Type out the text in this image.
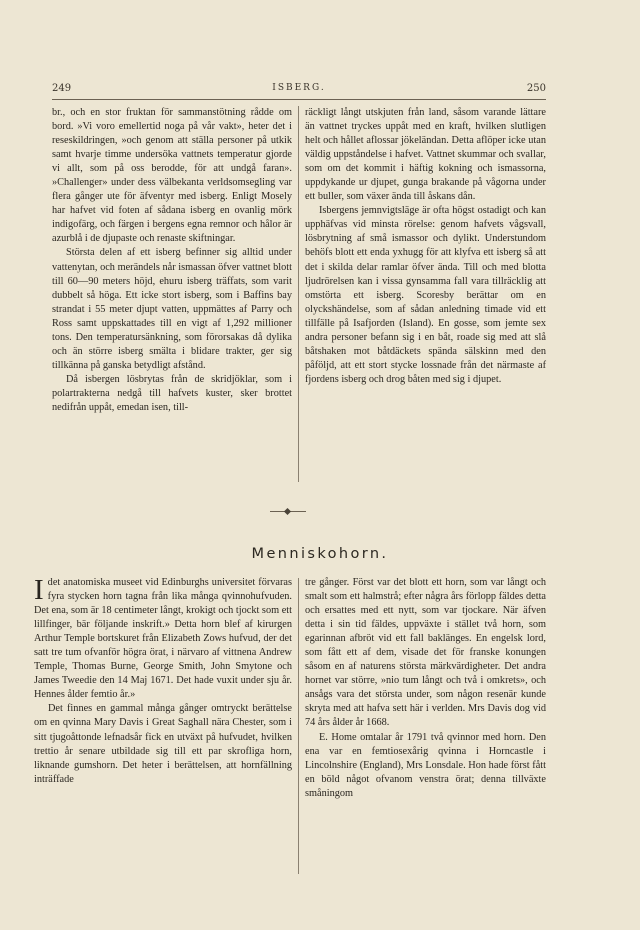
249	ISBERG.	250

br., och en stor fruktan för sammanstötning rådde om bord. »Vi voro emellertid noga på vår vakt», heter det i reseskildringen, »och genom att ställa personer på utkik samt hvarje timme undersöka vattnets temperatur gjorde vi allt, som på oss berodde, för att undgå faran». »Challenger» under dess välbekanta verldsomsegling var flera gånger ute för äfventyr med isberg. Enligt Mosely har hafvet vid foten af sådana isberg en ovanlig mörk indigofärg, och färgen i bergens egna remnor och hålor är azurblå i de djupaste och renaste skiftningar.

Största delen af ett isberg befinner sig alltid under vattenytan, och merändels når ismassan öfver vattnet blott till 60—90 meters höjd, ehuru isberg träffats, som varit dubbelt så höga. Ett icke stort isberg, som i Baffins bay strandat i 55 meter djupt vatten, uppmättes af Parry och Ross samt uppskattades till en vigt af 1,292 millioner tons. Den temperatursänkning, som förorsakas då dylika och än större isberg smälta i blidare trakter, ger sig tillkänna på ganska betydligt afstånd.

Då isbergen lösbrytas från de skridjöklar, som i polartrakterna nedgå till hafvets kuster, sker brottet nedifrån uppåt, emedan isen, till-

räckligt långt utskjuten från land, såsom varande lättare än vattnet tryckes uppåt med en kraft, hvilken slutligen helt och hållet aflossar jökeländan. Detta aflöper icke utan väldig uppståndelse i hafvet. Vattnet skummar och svallar, som om det kommit i häftig kokning och ismassorna, uppdykande ur djupet, gunga brakande på vågorna under ett buller, som växer ända till åskans dån.

Isbergens jemnvigtsläge är ofta högst ostadigt och kan upphäfvas vid minsta rörelse: genom hafvets vågsvall, lösbrytning af små ismassor och dylikt. Understundom behöfs blott ett enda yxhugg för att klyfva ett isberg så att det i skilda delar ramlar öfver ända. Till och med blotta ljudrörelsen kan i vissa gynsamma fall vara tillräcklig att omstörta ett isberg. Scoresby berättar om en olyckshändelse, som af sådan anledning timade vid ett tillfälle på Isafjorden (Island). En gosse, som jemte sex andra personer befann sig i en båt, roade sig med att slå båtshaken mot båtdäckets spända sälskinn med den påföljd, att ett stort stycke lossnade från det närmaste af fjordens isberg och drog båten med sig i djupet.

Menniskohorn.

Idet anatomiska museet vid Edinburghs universitet förvaras fyra stycken horn tagna från lika många qvinnohufvuden. Det ena, som är 18 centimeter långt, krokigt och tjockt som ett lillfinger, bär följande inskrift.» Detta horn blef af kirurgen Arthur Temple bortskuret från Elizabeth Zows hufvud, der det satt tre tum ofvanför högra örat, i närvaro af vittnena Andrew Temple, Thomas Burne, George Smith, John Smytone och James Tweedie den 14 Maj 1671. Det hade vuxit under sju år. Hennes ålder femtio år.»

Det finnes en gammal många gånger omtryckt berättelse om en qvinna Mary Davis i Great Saghall nära Chester, som i sitt tjugoåttonde lefnadsår fick en utväxt på hufvudet, hvilken trettio år senare utbildade sig till ett par skrofliga horn, liknande gumshorn. Det heter i berättelsen, att hornfällning inträffade

tre gånger. Först var det blott ett horn, som var långt och smalt som ett halmstrå; efter några års förlopp fäldes detta och ersattes med ett nytt, som var tjockare. När äfven detta i sin tid fäldes, uppväxte i stället två horn, som egarinnan afbröt vid ett fall baklänges. En engelsk lord, som fått ett af dem, visade det för franske konungen såsom en af naturens största märkvärdigheter. Det andra hornet var större, »nio tum långt och två i omkrets», och ansågs vara det största under, som någon resenär kunde skryta med att hafva sett här i verlden. Mrs Davis dog vid 74 års ålder år 1668.

E. Home omtalar år 1791 två qvinnor med horn. Den ena var en femtiosexårig qvinna i Horncastle i Lincolnshire (England), Mrs Lonsdale. Hon hade först fått en böld något ofvanom venstra örat; denna tillväxte småningom
